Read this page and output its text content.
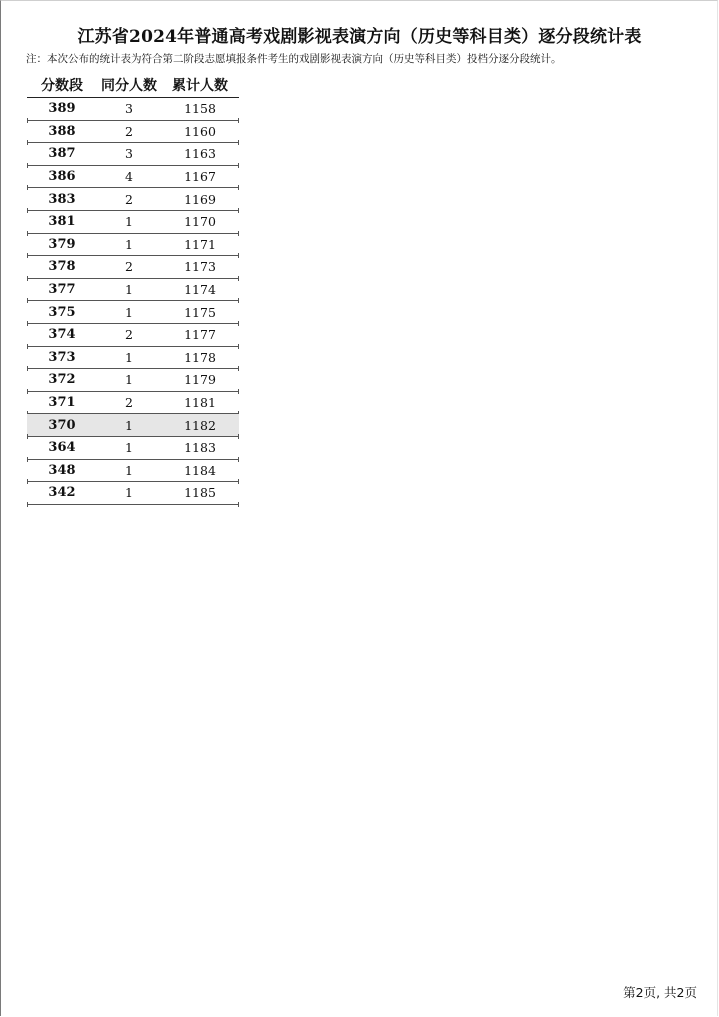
江苏省2024年普通高考戏剧影视表演方向（历史等科目类）逐分段统计表
注：本次公布的统计表为符合第二阶段志愿填报条件考生的戏剧影视表演方向（历史等科目类）投档分逐分段统计。
分数段	同分人数	累计人数
389	3	1158
388	2	1160
387	3	1163
386	4	1167
383	2	1169
381	1	1170
379	1	1171
378	2	1173
377	1	1174
375	1	1175
374	2	1177
373	1	1178
372	1	1179
371	2	1181
370	1	1182
364	1	1183
348	1	1184
342	1	1185
第2页, 共2页
